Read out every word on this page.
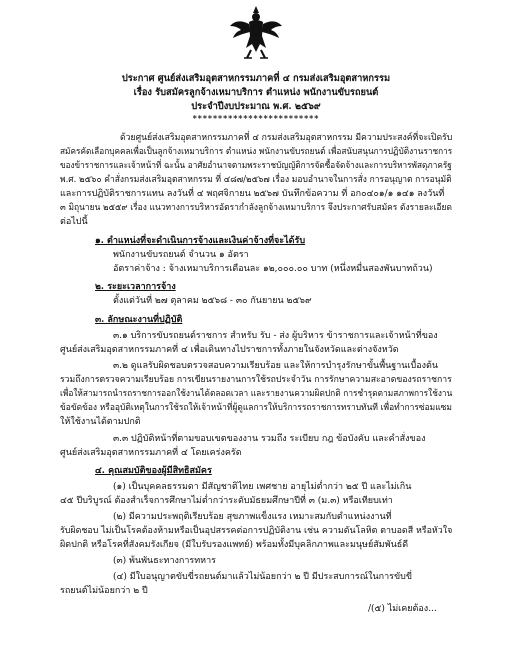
ประกาศ ศูนย์ส่งเสริมอุตสาหกรรมภาคที่ ๔ กรมส่งเสริมอุตสาหกรรม
เรื่อง รับสมัครลูกจ้างเหมาบริการ ตำแหน่ง พนักงานขับรถยนต์
ประจำปีงบประมาณ พ.ศ. ๒๕๖๙
*************************
ด้วยศูนย์ส่งเสริมอุตสาหกรรมภาคที่ ๔ กรมส่งเสริมอุตสาหกรรม มีความประสงค์ที่จะเปิดรับ
สมัครคัดเลือกบุคคลเพื่อเป็นลูกจ้างเหมาบริการ ตำแหน่ง พนักงานขับรถยนต์ เพื่อสนับสนุนการปฏิบัติงานราชการ
ของข้าราชการและเจ้าหน้าที่ ฉะนั้น อาศัยอำนาจตามพระราชบัญญัติการจัดซื้อจัดจ้างและการบริหารพัสดุภาครัฐ
พ.ศ. ๒๕๖๐ คำสั่งกรมส่งเสริมอุตสาหกรรม ที่ ๔๘๗/๒๕๖๗ เรื่อง มอบอำนาจในการสั่ง การอนุญาต การอนุมัติ
และการปฏิบัติราชการแทน ลงวันที่ ๔ พฤศจิกายน ๒๕๖๗ บันทึกข้อความ ที่ อก๐๔๐๑/๑ ๑๔๑ ลงวันที่
๓ มิถุนายน ๒๕๕๙ เรื่อง แนวทางการบริหารอัตรากำลังลูกจ้างเหมาบริการ จึงประกาศรับสมัคร ดังรายละเอียด
ต่อไปนี้
๑. ตำแหน่งที่จะดำเนินการจ้างและเงินค่าจ้างที่จะได้รับ
พนักงานขับรถยนต์ จำนวน ๑ อัตรา
อัตราค่าจ้าง : จ้างเหมาบริการเดือนละ ๑๒,๐๐๐.๐๐ บาท (หนึ่งหมื่นสองพันบาทถ้วน)
๒. ระยะเวลาการจ้าง
ตั้งแต่วันที่ ๒๗ ตุลาคม ๒๕๖๘ - ๓๐ กันยายน ๒๕๖๙
๓. ลักษณะงานที่ปฏิบัติ
๓.๑ บริการขับรถยนต์ราชการ สำหรับ รับ - ส่ง ผู้บริหาร ข้าราชการและเจ้าหน้าที่ของ
ศูนย์ส่งเสริมอุตสาหกรรมภาคที่ ๔ เพื่อเดินทางไปราชการทั้งภายในจังหวัดและต่างจังหวัด
๓.๒ ดูแลรับผิดชอบตรวจสอบความเรียบร้อย และให้การบำรุงรักษาขั้นพื้นฐานเบื้องต้น
รวมถึงการตรวจความเรียบร้อย การเขียนรายงานการใช้รถประจำวัน การรักษาความสะอาดของรถราชการ
เพื่อให้สามารถนำรถราชการออกใช้งานได้ตลอดเวลา และรายงานความผิดปกติ การชำรุดตามสภาพการใช้งาน
ข้อขัดข้อง หรืออุบัติเหตุในการใช้รถให้เจ้าหน้าที่ผู้ดูแลการให้บริการรถราชการทราบทันที เพื่อทำการซ่อมแซม
ให้ใช้งานได้ตามปกติ
๓.๓ ปฏิบัติหน้าที่ตามขอบเขตของงาน รวมถึง ระเบียบ กฎ ข้อบังคับ และคำสั่งของ
ศูนย์ส่งเสริมอุตสาหกรรมภาคที่ ๔ โดยเคร่งครัด
๔. คุณสมบัติของผู้มีสิทธิสมัคร
(๑) เป็นบุคคลธรรมดา มีสัญชาติไทย เพศชาย อายุไม่ต่ำกว่า ๒๕ ปี และไม่เกิน
๔๕ ปีบริบูรณ์ ต้องสำเร็จการศึกษาไม่ต่ำกว่าระดับมัธยมศึกษาปีที่ ๓ (ม.๓) หรือเทียบเท่า
(๒) มีความประพฤติเรียบร้อย สุขภาพแข็งแรง เหมาะสมกับตำแหน่งงานที่
รับผิดชอบ ไม่เป็นโรคต้องห้ามหรือเป็นอุปสรรคต่อการปฏิบัติงาน เช่น ความดันโลหิต ตาบอดสี หรือหัวใจ
ผิดปกติ หรือโรคที่สังคมรังเกียจ (มีใบรับรองแพทย์) พร้อมทั้งมีบุคลิกภาพและมนุษย์สัมพันธ์ดี
(๓) พ้นพันธะทางการทหาร
(๔) มีใบอนุญาตขับขี่รถยนต์มาแล้วไม่น้อยกว่า ๒ ปี มีประสบการณ์ในการขับขี่
รถยนต์ไม่น้อยกว่า ๒ ปี
/(๕) ไม่เคยต้อง...
